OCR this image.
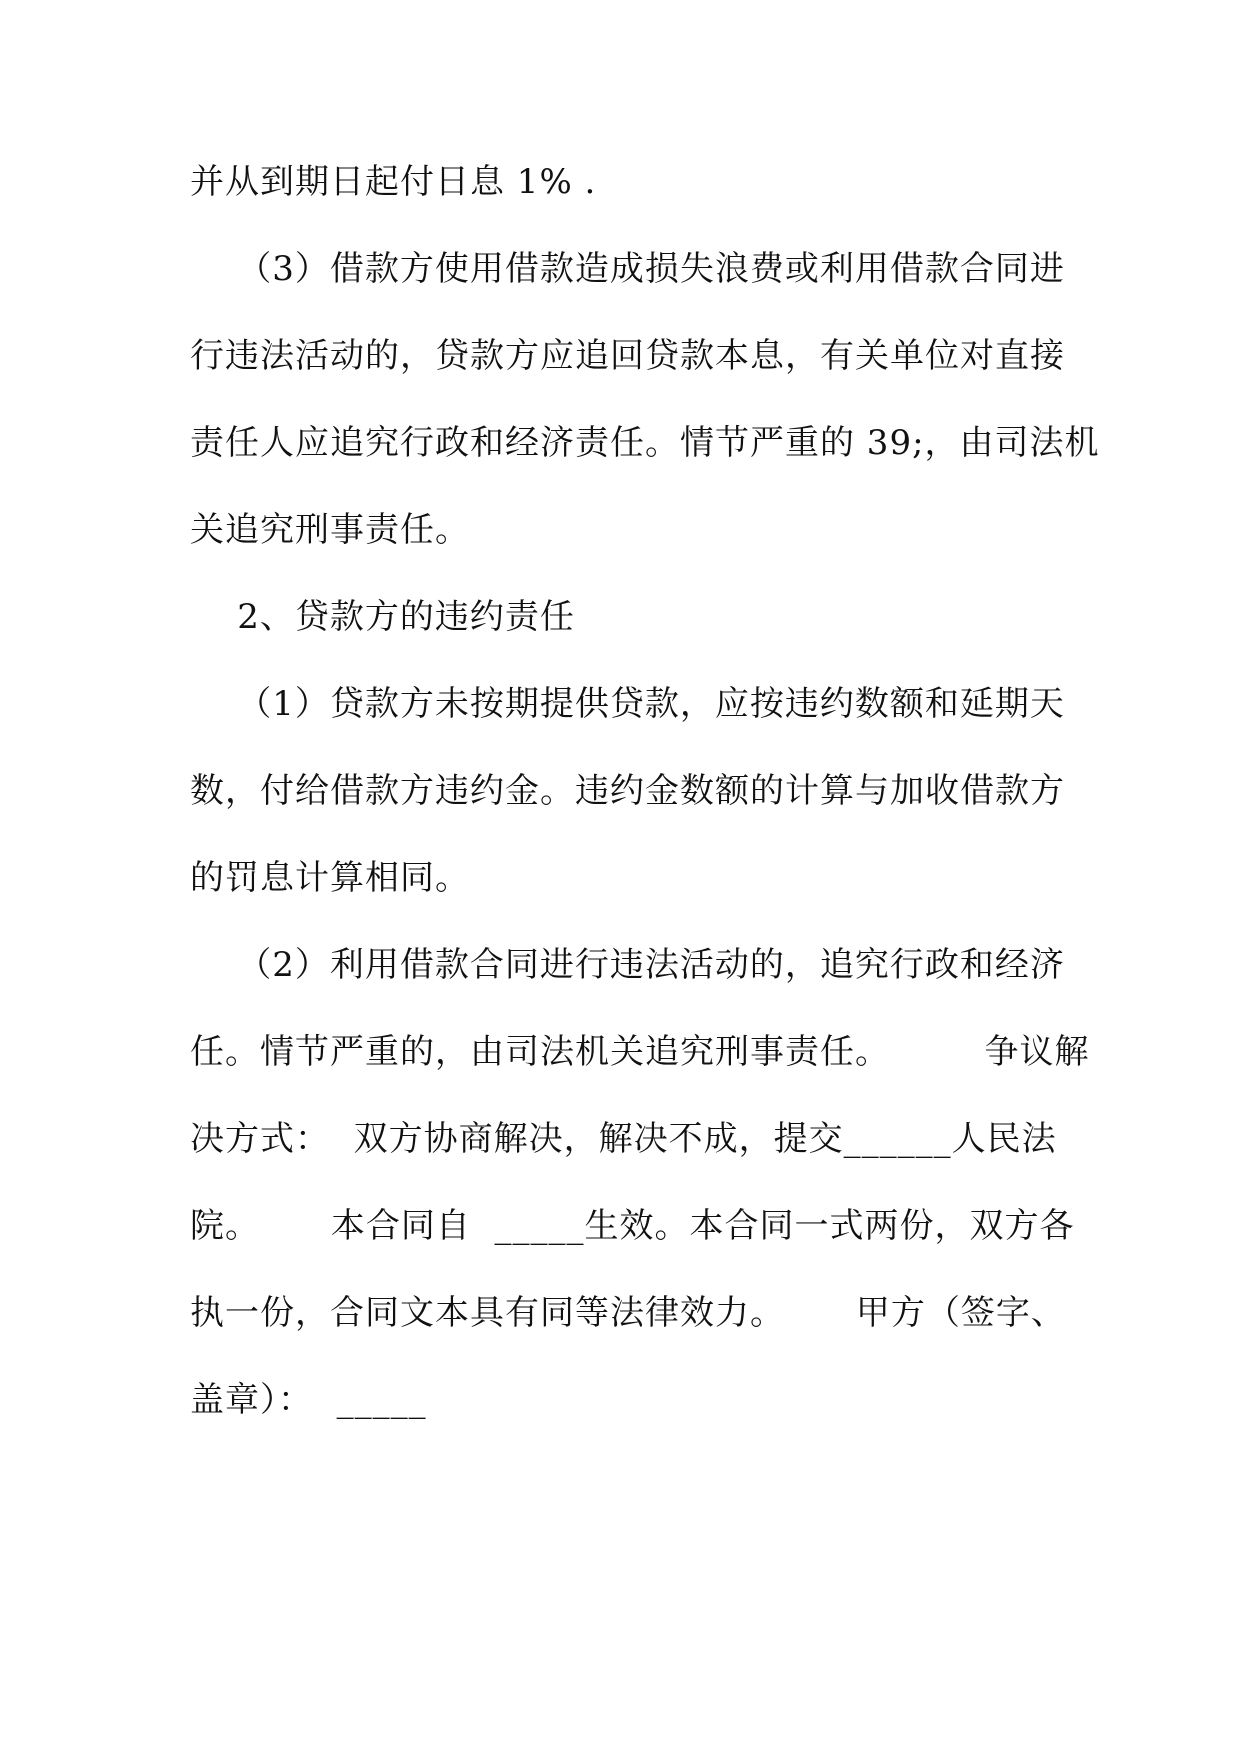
并从到期日起付日息 1% .
（3）借款方使用借款造成损失浪费或利用借款合同进
行违法活动的，贷款方应追回贷款本息，有关单位对直接
责任人应追究行政和经济责任。情节严重的 39;，由司法机
关追究刑事责任。
2、贷款方的违约责任
（1）贷款方未按期提供贷款，应按违约数额和延期天
数，付给借款方违约金。违约金数额的计算与加收借款方
的罚息计算相同。
（2）利用借款合同进行违法活动的，追究行政和经济
任。情节严重的，由司法机关追究刑事责任。        争议解
决方式：  双方协商解决，解决不成，提交______人民法
院。      本合同自  _____生效。本合同一式两份，双方各
执一份，合同文本具有同等法律效力。      甲方（签字、
盖章）：  _____
